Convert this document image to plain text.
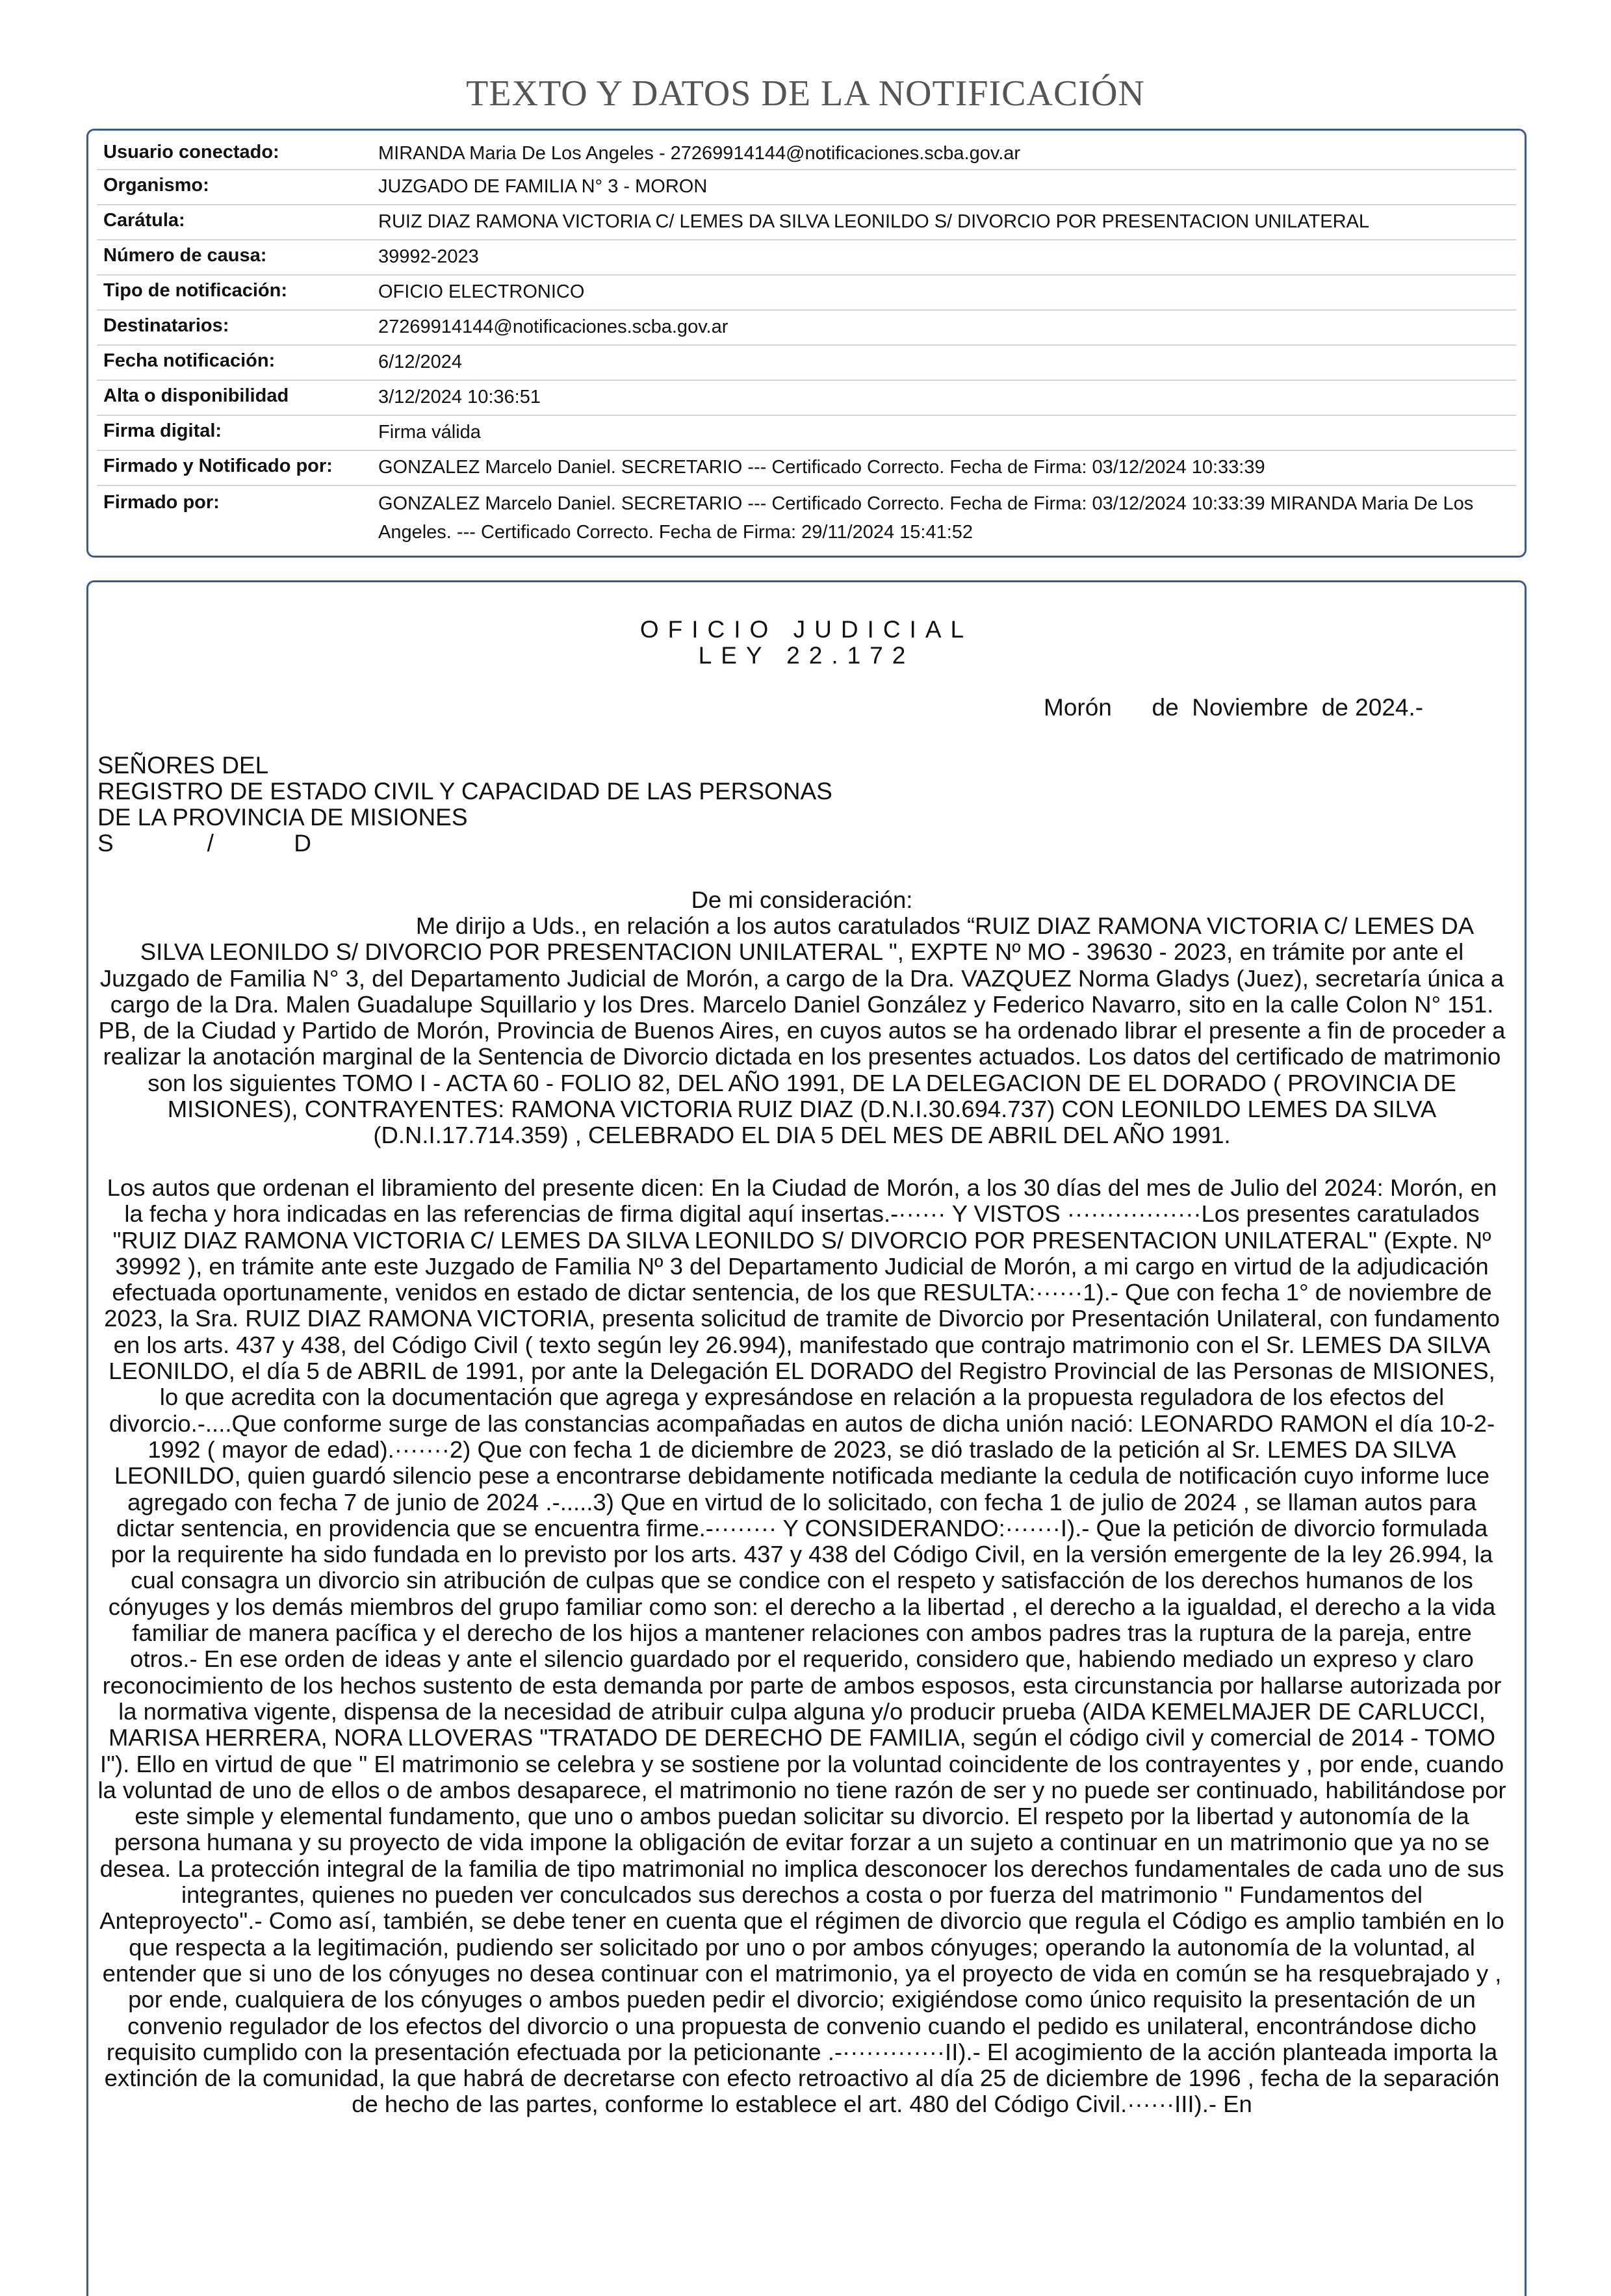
TEXTO Y DATOS DE LA NOTIFICACIÓN
Usuario conectado:	MIRANDA Maria De Los Angeles - 27269914144@notificaciones.scba.gov.ar
Organismo:	JUZGADO DE FAMILIA N° 3 - MORON
Carátula:	RUIZ DIAZ RAMONA VICTORIA C/ LEMES DA SILVA LEONILDO S/ DIVORCIO POR PRESENTACION UNILATERAL
Número de causa:	39992-2023
Tipo de notificación:	OFICIO ELECTRONICO
Destinatarios:	27269914144@notificaciones.scba.gov.ar
Fecha notificación:	6/12/2024
Alta o disponibilidad	3/12/2024 10:36:51
Firma digital:	Firma válida
Firmado y Notificado por: GONZALEZ Marcelo Daniel. SECRETARIO --- Certificado Correcto. Fecha de Firma: 03/12/2024 10:33:39
Firmado por:	GONZALEZ Marcelo Daniel. SECRETARIO --- Certificado Correcto. Fecha de Firma: 03/12/2024 10:33:39 MIRANDA Maria De Los Angeles. --- Certificado Correcto. Fecha de Firma: 29/11/2024 15:41:52
OFICIO JUDICIAL
LEY 22.172
Morón      de  Noviembre  de 2024.-
SEÑORES DEL
REGISTRO DE ESTADO CIVIL Y CAPACIDAD DE LAS PERSONAS
DE LA PROVINCIA DE MISIONES
S              /            D
De mi consideración:
Me dirijo a Uds., en relación a los autos caratulados “RUIZ DIAZ RAMONA VICTORIA C/ LEMES DA SILVA LEONILDO S/ DIVORCIO POR PRESENTACION UNILATERAL ", EXPTE Nº MO - 39630 - 2023, en trámite por ante el Juzgado de Familia N° 3, del Departamento Judicial de Morón, a cargo de la Dra. VAZQUEZ Norma Gladys (Juez), secretaría única a cargo de la Dra. Malen Guadalupe Squillario y los Dres. Marcelo Daniel González y Federico Navarro, sito en la calle Colon N° 151. PB, de la Ciudad y Partido de Morón, Provincia de Buenos Aires, en cuyos autos se ha ordenado librar el presente a fin de proceder a realizar la anotación marginal de la Sentencia de Divorcio dictada en los presentes actuados. Los datos del certificado de matrimonio son los siguientes TOMO I - ACTA 60 - FOLIO 82, DEL AÑO 1991, DE LA DELEGACION DE EL DORADO ( PROVINCIA DE MISIONES), CONTRAYENTES: RAMONA VICTORIA RUIZ DIAZ (D.N.I.30.694.737) CON LEONILDO LEMES DA SILVA (D.N.I.17.714.359) , CELEBRADO EL DIA 5 DEL MES DE ABRIL DEL AÑO 1991.
Los autos que ordenan el libramiento del presente dicen: En la Ciudad de Morón, a los 30 días del mes de Julio del 2024: Morón, en la fecha y hora indicadas en las referencias de firma digital aquí insertas.-······ Y VISTOS ·················Los presentes caratulados "RUIZ DIAZ RAMONA VICTORIA C/ LEMES DA SILVA LEONILDO S/ DIVORCIO POR PRESENTACION UNILATERAL" (Expte. Nº 39992 ), en trámite ante este Juzgado de Familia Nº 3 del Departamento Judicial de Morón, a mi cargo en virtud de la adjudicación efectuada oportunamente, venidos en estado de dictar sentencia, de los que RESULTA:······1).- Que con fecha 1° de noviembre de 2023, la Sra. RUIZ DIAZ RAMONA VICTORIA, presenta solicitud de tramite de Divorcio por Presentación Unilateral, con fundamento en los arts. 437 y 438, del Código Civil ( texto según ley 26.994), manifestado que contrajo matrimonio con el Sr. LEMES DA SILVA LEONILDO, el día 5 de ABRIL de 1991, por ante la Delegación EL DORADO del Registro Provincial de las Personas de MISIONES, lo que acredita con la documentación que agrega y expresándose en relación a la propuesta reguladora de los efectos del divorcio.-....Que conforme surge de las constancias acompañadas en autos de dicha unión nació: LEONARDO RAMON el día 10-2-1992 ( mayor de edad).·······2) Que con fecha 1 de diciembre de 2023, se dió traslado de la petición al Sr. LEMES DA SILVA LEONILDO, quien guardó silencio pese a encontrarse debidamente notificada mediante la cedula de notificación cuyo informe luce agregado con fecha 7 de junio de 2024 .-.....3) Que en virtud de lo solicitado, con fecha 1 de julio de 2024 , se llaman autos para dictar sentencia, en providencia que se encuentra firme.-········ Y CONSIDERANDO:·······I).- Que la petición de divorcio formulada por la requirente ha sido fundada en lo previsto por los arts. 437 y 438 del Código Civil, en la versión emergente de la ley 26.994, la cual consagra un divorcio sin atribución de culpas que se condice con el respeto y satisfacción de los derechos humanos de los cónyuges y los demás miembros del grupo familiar como son: el derecho a la libertad , el derecho a la igualdad, el derecho a la vida familiar de manera pacífica y el derecho de los hijos a mantener relaciones con ambos padres tras la ruptura de la pareja, entre otros.- En ese orden de ideas y ante el silencio guardado por el requerido, considero que, habiendo mediado un expreso y claro reconocimiento de los hechos sustento de esta demanda por parte de ambos esposos, esta circunstancia por hallarse autorizada por la normativa vigente, dispensa de la necesidad de atribuir culpa alguna y/o producir prueba (AIDA KEMELMAJER DE CARLUCCI, MARISA HERRERA, NORA LLOVERAS "TRATADO DE DERECHO DE FAMILIA, según el código civil y comercial de 2014 - TOMO I"). Ello en virtud de que " El matrimonio se celebra y se sostiene por la voluntad coincidente de los contrayentes y , por ende, cuando la voluntad de uno de ellos o de ambos desaparece, el matrimonio no tiene razón de ser y no puede ser continuado, habilitándose por este simple y elemental fundamento, que uno o ambos puedan solicitar su divorcio. El respeto por la libertad y autonomía de la persona humana y su proyecto de vida impone la obligación de evitar forzar a un sujeto a continuar en un matrimonio que ya no se desea. La protección integral de la familia de tipo matrimonial no implica desconocer los derechos fundamentales de cada uno de sus integrantes, quienes no pueden ver conculcados sus derechos a costa o por fuerza del matrimonio " Fundamentos del Anteproyecto".- Como así, también, se debe tener en cuenta que el régimen de divorcio que regula el Código es amplio también en lo que respecta a la legitimación, pudiendo ser solicitado por uno o por ambos cónyuges; operando la autonomía de la voluntad, al entender que si uno de los cónyuges no desea continuar con el matrimonio, ya el proyecto de vida en común se ha resquebrajado y , por ende, cualquiera de los cónyuges o ambos pueden pedir el divorcio; exigiéndose como único requisito la presentación de un convenio regulador de los efectos del divorcio o una propuesta de convenio cuando el pedido es unilateral, encontrándose dicho requisito cumplido con la presentación efectuada por la peticionante .-·············II).- El acogimiento de la acción planteada importa la extinción de la comunidad, la que habrá de decretarse con efecto retroactivo al día 25 de diciembre de 1996 , fecha de la separación de hecho de las partes, conforme lo establece el art. 480 del Código Civil.······III).- En
